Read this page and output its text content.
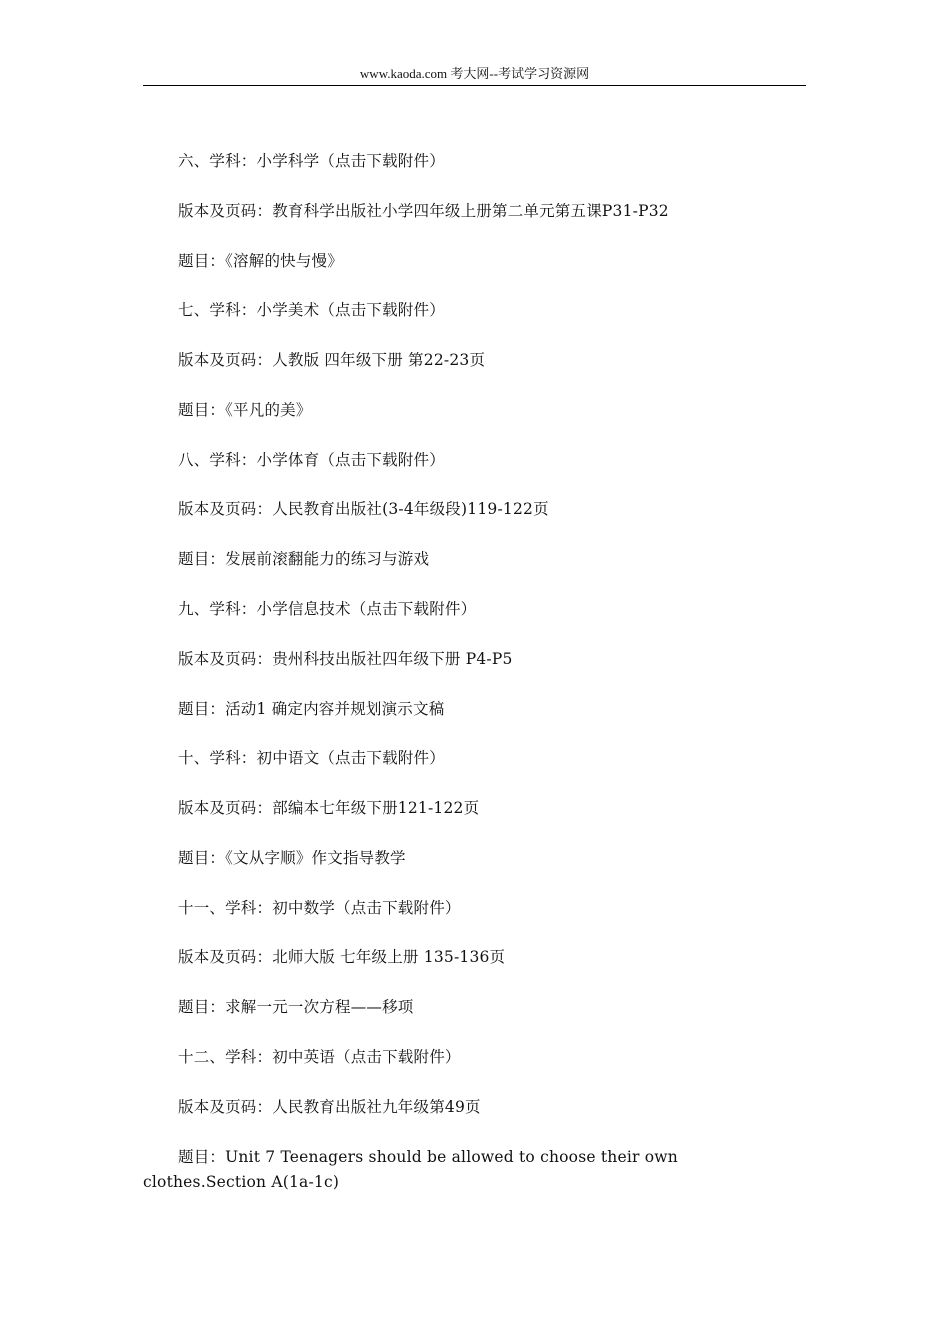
www.kaoda.com 考大网--考试学习资源网
六、学科：小学科学（点击下载附件）
版本及页码：教育科学出版社小学四年级上册第二单元第五课P31-P32
题目：《溶解的快与慢》
七、学科：小学美术（点击下载附件）
版本及页码：人教版 四年级下册 第22-23页
题目：《平凡的美》
八、学科：小学体育（点击下载附件）
版本及页码：人民教育出版社(3-4年级段)119-122页
题目：发展前滚翻能力的练习与游戏
九、学科：小学信息技术（点击下载附件）
版本及页码：贵州科技出版社四年级下册 P4-P5
题目：活动1 确定内容并规划演示文稿
十、学科：初中语文（点击下载附件）
版本及页码：部编本七年级下册121-122页
题目：《文从字顺》作文指导教学
十一、学科：初中数学（点击下载附件）
版本及页码：北师大版 七年级上册 135-136页
题目：求解一元一次方程——移项
十二、学科：初中英语（点击下载附件）
版本及页码：人民教育出版社九年级第49页
题目：Unit 7 Teenagers should be allowed to choose their own
clothes.Section A(1a-1c)
